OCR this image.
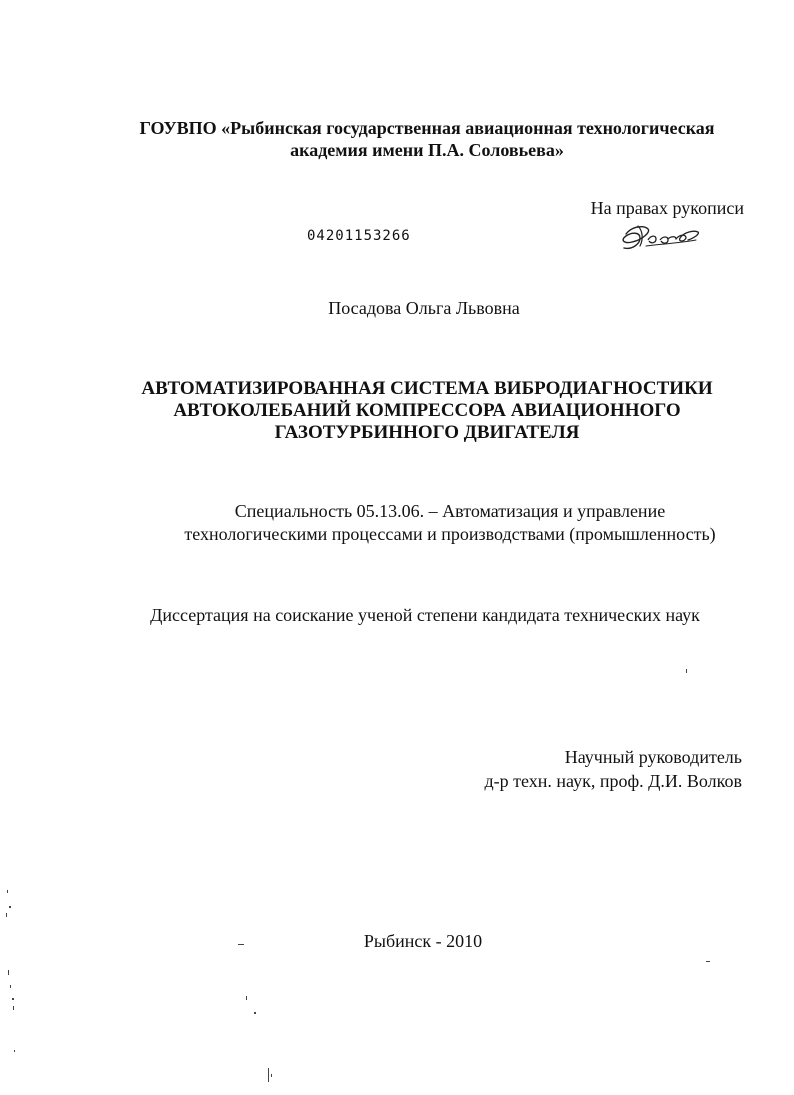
ГОУВПО «Рыбинская государственная авиационная технологическая
академия имени П.А. Соловьева»
На правах рукописи
04201153266
Посадова Ольга Львовна
АВТОМАТИЗИРОВАННАЯ СИСТЕМА ВИБРОДИАГНОСТИКИ
АВТОКОЛЕБАНИЙ КОМПРЕССОРА АВИАЦИОННОГО
ГАЗОТУРБИННОГО ДВИГАТЕЛЯ
Специальность 05.13.06. – Автоматизация и управление
технологическими процессами и производствами (промышленность)
Диссертация на соискание ученой степени кандидата технических наук
Научный руководитель
д-р техн. наук, проф. Д.И. Волков
Рыбинск - 2010
